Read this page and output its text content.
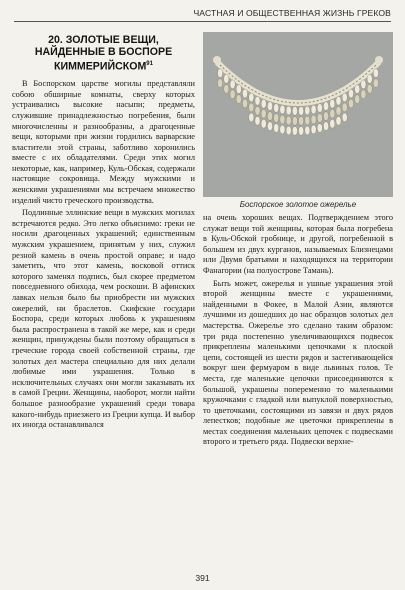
ЧАСТНАЯ И ОБЩЕСТВЕННАЯ ЖИЗНЬ ГРЕКОВ
20. ЗОЛОТЫЕ ВЕЩИ, НАЙДЕННЫЕ В БОСПОРЕ КИММЕРИЙСКОМ$^{91}$

В Боспорском царстве могилы представляли собою обширные комнаты, сверху которых устраивались высокие насыпи; предметы, служившие принадлежностью погребения, были многочисленны и разнообразны, а драгоценные вещи, которыми при жизни гордились варварские властители этой страны, заботливо хоронились вместе с их обладателями. Среди этих могил некоторые, как, например, Куль-Обская, содержали настоящие сокровища. Между мужскими и женскими украшениями мы встречаем множество изделий чисто греческого производства.

Подлинные эллинские вещи в мужских могилах встречаются редко. Это легко объяснимо: греки не носили драгоценных украшений; единственным мужским украшением, принятым у них, служил резной камень в очень простой оправе; и надо заметить, что этот камень, восковой оттиск которого заменял подпись, был скорее предметом повседневного обихода, чем роскоши. В афинских лавках нельзя было бы приобрести ни мужских ожерелий, ни браслетов. Скифские государи Боспора, среди которых любовь к украшениям была распространена в такой же мере, как и среди женщин, принуждены были поэтому обращаться в греческие города своей собственной страны, где золотых дел мастера специально для них делали любимые ими украшения. Только в исключительных случаях они могли заказывать их в самой Греции. Женщины, наоборот, могли найти большое разнообразие украшений среди товара какого-нибудь приезжего из Греции купца. И выбор их иногда останавливался

Боспорское золотое ожерелье

на очень хороших вещах. Подтверждением этого служат вещи той женщины, которая была погребена в Куль-Обской гробнице, и другой, погребенной в большем из двух курганов, называемых Близнецами или Двумя братьями и находящихся на территории Фанагории (на полуострове Тамань).

Быть может, ожерелья и ушные украшения этой второй женщины вместе с украшениями, найденными в Фокее, в Малой Азии, являются лучшими из дошедших до нас образцов золотых дел мастерства. Ожерелье это сделано таким образом: три ряда постепенно увеличивающихся подвесок прикреплены маленькими цепочками к плоской цепи, состоящей из шести рядов и застегивающейся вокруг шеи фермуаром в виде львиных голов. Те места, где маленькие цепочки присоединяются к большой, украшены попеременно то маленькими кружочками с гладкой или выпуклой поверхностью, то цветочками, состоящими из завязи и двух рядов лепестков; подобные же цветочки прикреплены в местах соединения маленьких цепочек с подвесками второго и третьего ряда. Подвески верхне-

391
